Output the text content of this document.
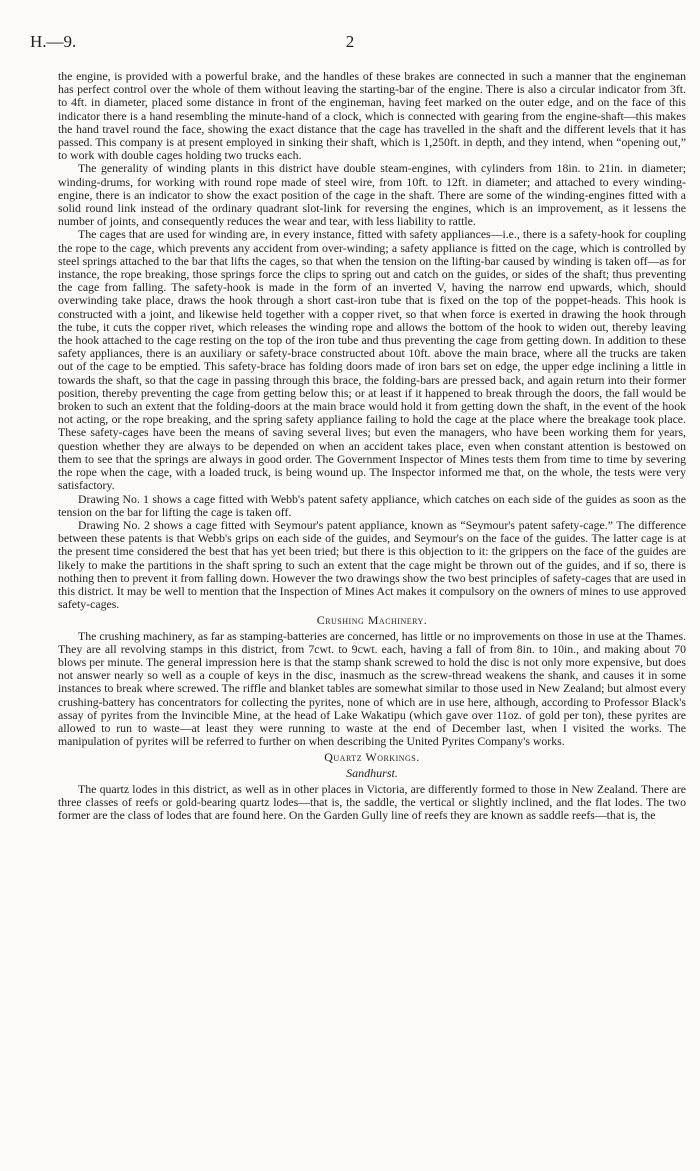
H.—9.	2

the engine, is provided with a powerful brake, and the handles of these brakes are connected in such a manner that the engineman has perfect control over the whole of them without leaving the starting-bar of the engine. There is also a circular indicator from 3ft. to 4ft. in diameter, placed some distance in front of the engineman, having feet marked on the outer edge, and on the face of this indicator there is a hand resembling the minute-hand of a clock, which is connected with gearing from the engine-shaft—this makes the hand travel round the face, showing the exact distance that the cage has travelled in the shaft and the different levels that it has passed. This company is at present employed in sinking their shaft, which is 1,250ft. in depth, and they intend, when “opening out,” to work with double cages holding two trucks each.

The generality of winding plants in this district have double steam-engines, with cylinders from 18in. to 21in. in diameter; winding-drums, for working with round rope made of steel wire, from 10ft. to 12ft. in diameter; and attached to every winding-engine, there is an indicator to show the exact position of the cage in the shaft. There are some of the winding-engines fitted with a solid round link instead of the ordinary quadrant slot-link for reversing the engines, which is an improvement, as it lessens the number of joints, and consequently reduces the wear and tear, with less liability to rattle.

The cages that are used for winding are, in every instance, fitted with safety appliances—i.e., there is a safety-hook for coupling the rope to the cage, which prevents any accident from over-winding; a safety appliance is fitted on the cage, which is controlled by steel springs attached to the bar that lifts the cages, so that when the tension on the lifting-bar caused by winding is taken off—as for instance, the rope breaking, those springs force the clips to spring out and catch on the guides, or sides of the shaft; thus preventing the cage from falling. The safety-hook is made in the form of an inverted V, having the narrow end upwards, which, should overwinding take place, draws the hook through a short cast-iron tube that is fixed on the top of the poppet-heads. This hook is constructed with a joint, and likewise held together with a copper rivet, so that when force is exerted in drawing the hook through the tube, it cuts the copper rivet, which releases the winding rope and allows the bottom of the hook to widen out, thereby leaving the hook attached to the cage resting on the top of the iron tube and thus preventing the cage from getting down. In addition to these safety appliances, there is an auxiliary or safety-brace constructed about 10ft. above the main brace, where all the trucks are taken out of the cage to be emptied. This safety-brace has folding doors made of iron bars set on edge, the upper edge inclining a little in towards the shaft, so that the cage in passing through this brace, the folding-bars are pressed back, and again return into their former position, thereby preventing the cage from getting below this; or at least if it happened to break through the doors, the fall would be broken to such an extent that the folding-doors at the main brace would hold it from getting down the shaft, in the event of the hook not acting, or the rope breaking, and the spring safety appliance failing to hold the cage at the place where the breakage took place. These safety-cages have been the means of saving several lives; but even the managers, who have been working them for years, question whether they are always to be depended on when an accident takes place, even when constant attention is bestowed on them to see that the springs are always in good order. The Government Inspector of Mines tests them from time to time by severing the rope when the cage, with a loaded truck, is being wound up. The Inspector informed me that, on the whole, the tests were very satisfactory.

Drawing No. 1 shows a cage fitted with Webb's patent safety appliance, which catches on each side of the guides as soon as the tension on the bar for lifting the cage is taken off.

Drawing No. 2 shows a cage fitted with Seymour's patent appliance, known as “Seymour's patent safety-cage.” The difference between these patents is that Webb's grips on each side of the guides, and Seymour's on the face of the guides. The latter cage is at the present time considered the best that has yet been tried; but there is this objection to it: the grippers on the face of the guides are likely to make the partitions in the shaft spring to such an extent that the cage might be thrown out of the guides, and if so, there is nothing then to prevent it from falling down. However the two drawings show the two best principles of safety-cages that are used in this district. It may be well to mention that the Inspection of Mines Act makes it compulsory on the owners of mines to use approved safety-cages.

Crushing Machinery.

The crushing machinery, as far as stamping-batteries are concerned, has little or no improvements on those in use at the Thames. They are all revolving stamps in this district, from 7cwt. to 9cwt. each, having a fall of from 8in. to 10in., and making about 70 blows per minute. The general impression here is that the stamp shank screwed to hold the disc is not only more expensive, but does not answer nearly so well as a couple of keys in the disc, inasmuch as the screw-thread weakens the shank, and causes it in some instances to break where screwed. The riffle and blanket tables are somewhat similar to those used in New Zealand; but almost every crushing-battery has concentrators for collecting the pyrites, none of which are in use here, although, according to Professor Black's assay of pyrites from the Invincible Mine, at the head of Lake Wakatipu (which gave over 11oz. of gold per ton), these pyrites are allowed to run to waste—at least they were running to waste at the end of December last, when I visited the works. The manipulation of pyrites will be referred to further on when describing the United Pyrites Company's works.

Quartz Workings.
Sandhurst.

The quartz lodes in this district, as well as in other places in Victoria, are differently formed to those in New Zealand. There are three classes of reefs or gold-bearing quartz lodes—that is, the saddle, the vertical or slightly inclined, and the flat lodes. The two former are the class of lodes that are found here. On the Garden Gully line of reefs they are known as saddle reefs—that is, the
